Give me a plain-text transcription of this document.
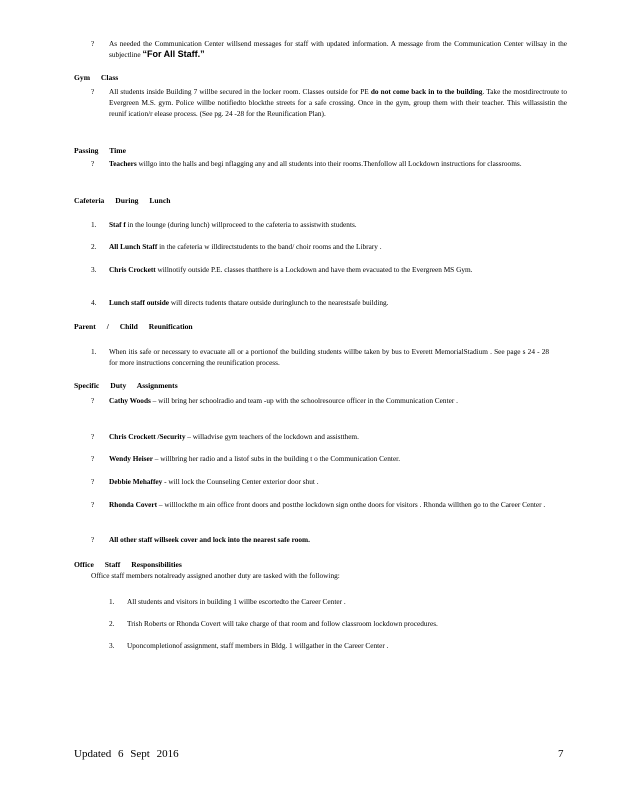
?	As needed the Communication Center willsend messages for staff with updated information. A message from the Communication Center willsay in the subjectline “For All Staff.”
Gym Class
?	All students inside Building 7 willbe secured in the locker room. Classes outside for PE do not come back in to the building. Take the mostdirectroute to Evergreen M.S. gym. Police willbe notifiedto blockthe streets for a safe crossing. Once in the gym, group them with their teacher. This willassistin the reunif ication/r elease process. (See pg. 24 -28 for the Reunification Plan).
Passing Time
?	Teachers willgo into the halls and begi nflagging any and all students into their rooms.Thenfollow all Lockdown instructions for classrooms.
Cafeteria During Lunch
1.	Staf f in the lounge (during lunch) willproceed to the cafeteria to assistwith students.
2.	All Lunch Staff in the cafeteria w illdirectstudents to the band/ choir rooms and the Library .
3.	Chris Crockett willnotify outside P.E. classes thatthere is a Lockdown and have them evacuated to the Evergreen MS Gym.
4.	Lunch staff outside will directs tudents thatare outside duringlunch to the nearestsafe building.
Parent / Child Reunification
1.	When itis safe or necessary to evacuate all or a portionof the building students willbe taken by bus to Everett MemorialStadium . See page s 24 - 28 for more instructions concerning the reunification process.
Specific Duty Assignments
?	Cathy Woods – will bring her schoolradio and team -up with the schoolresource officer in the Communication Center .
?	Chris Crockett /Security – willadvise gym teachers of the lockdown and assistthem.
?	Wendy Heiser – willbring her radio and a listof subs in the building t o the Communication Center.
?	Debbie Mehaffey - will lock the Counseling Center exterior door shut .
?	Rhonda Covert – willlockthe m ain office front doors and postthe lockdown sign onthe doors for visitors . Rhonda willthen go to the Career Center .
?	All other staff willseek cover and lock into the nearest safe room.
Office Staff Responsibilities
Office staff members notalready assigned another duty are tasked with the following:
1.	All students and visitors in building 1 willbe escortedto the Career Center .
2.	Trish Roberts or Rhonda Covert will take charge of that room and follow classroom lockdown procedures.
3.	Uponcompletionof assignment, staff members in Bldg. 1 willgather in the Career Center .
Updated 6 Sept 2016	7
